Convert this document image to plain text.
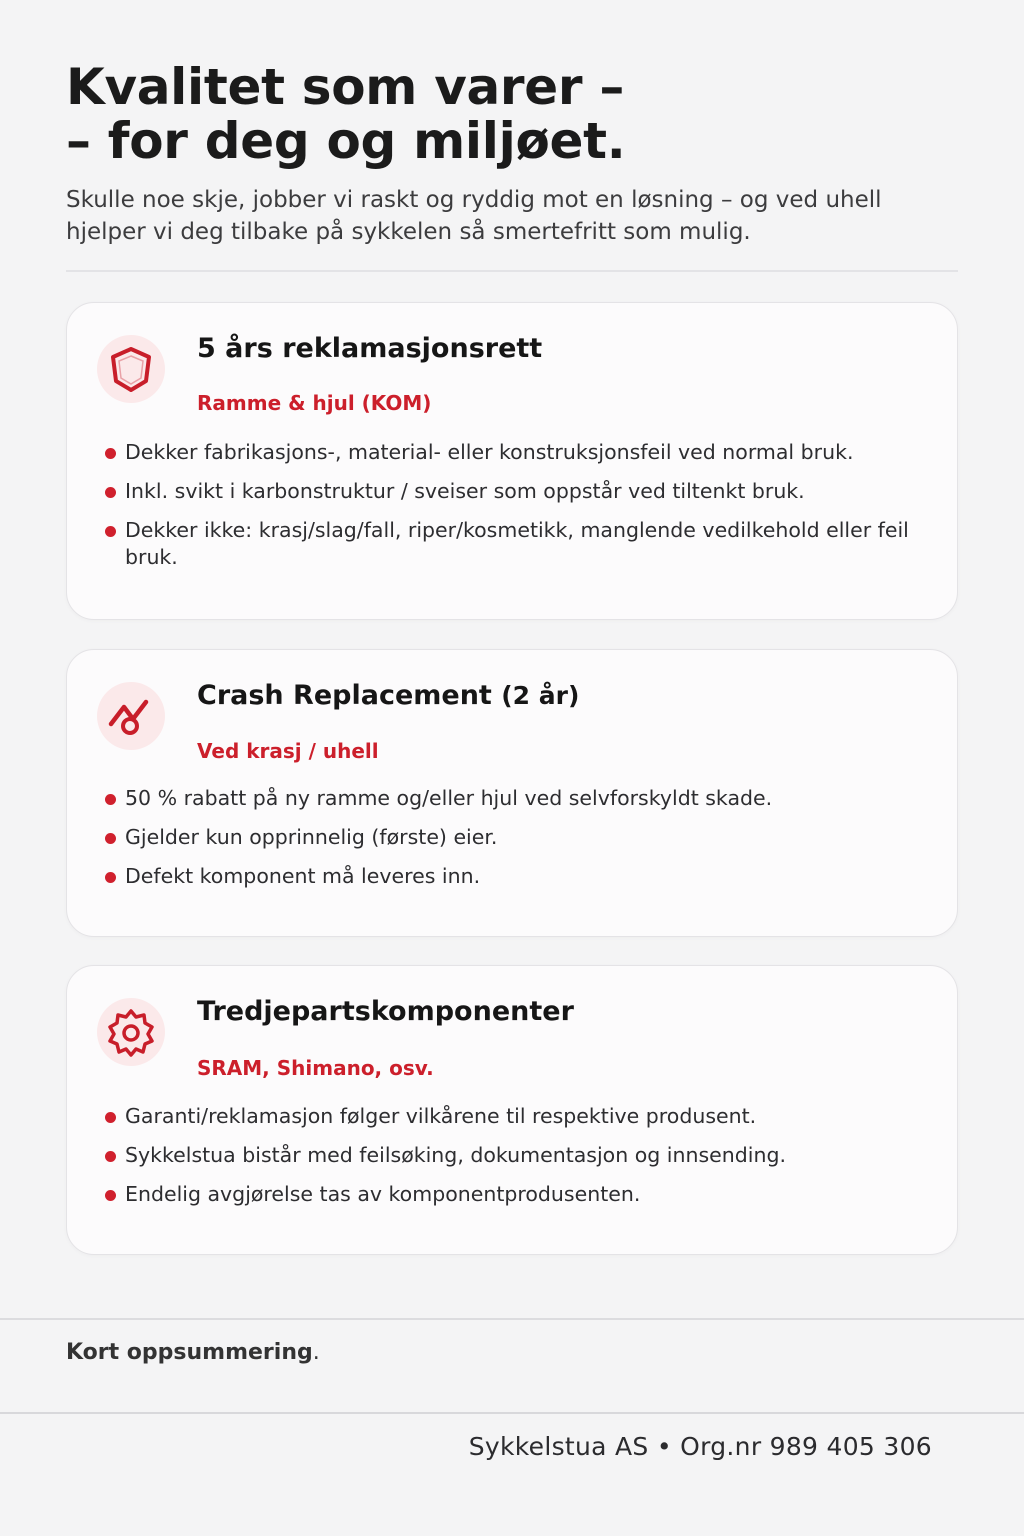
Kvalitet som varer –
– for deg og miljøet.

Skulle noe skje, jobber vi raskt og ryddig mot en løsning – og ved uhell hjelper vi deg tilbake på sykkelen så smertefritt som mulig.

5 års reklamasjonsrett
Ramme & hjul (KOM)
Dekker fabrikasjons-, material- eller konstruksjonsfeil ved normal bruk.
Inkl. svikt i karbonstruktur / sveiser som oppstår ved tiltenkt bruk.
Dekker ikke: krasj/slag/fall, riper/kosmetikk, manglende vedilkehold eller feil bruk.
Crash Replacement (2 år)
Ved krasj / uhell
50 % rabatt på ny ramme og/eller hjul ved selvforskyldt skade.
Gjelder kun opprinnelig (første) eier.
Defekt komponent må leveres inn.
Tredjepartskomponenter
SRAM, Shimano, osv.
Garanti/reklamasjon følger vilkårene til respektive produsent.
Sykkelstua bistår med feilsøking, dokumentasjon og innsending.
Endelig avgjørelse tas av komponentprodusenten.
Kort oppsummering.
Sykkelstua AS • Org.nr 989 405 306
